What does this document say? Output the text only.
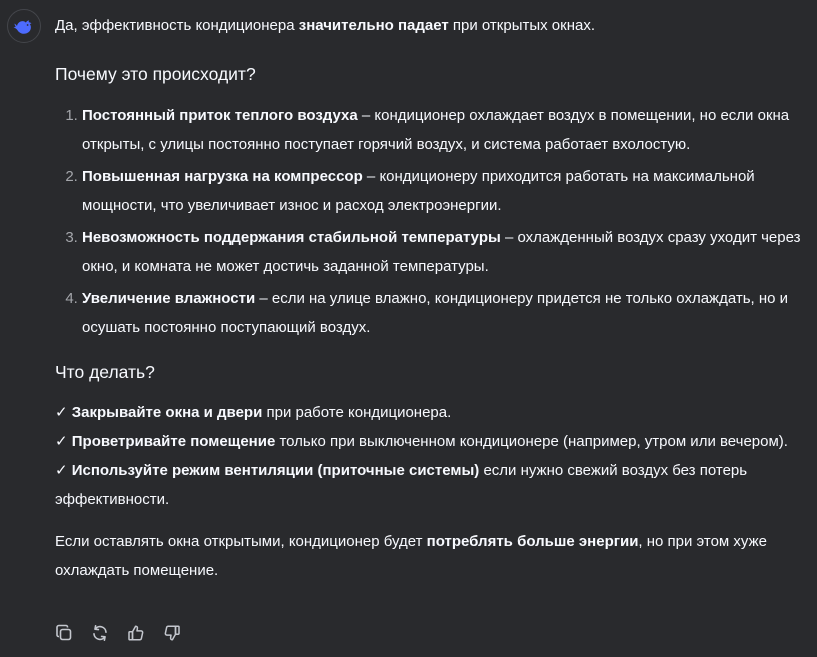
Да, эффективность кондиционера значительно падает при открытых окнах.

Почему это происходит?
1. Постоянный приток теплого воздуха – кондиционер охлаждает воздух в помещении, но если окна открыты, с улицы постоянно поступает горячий воздух, и система работает вхолостую.
2. Повышенная нагрузка на компрессор – кондиционеру приходится работать на максимальной мощности, что увеличивает износ и расход электроэнергии.
3. Невозможность поддержания стабильной температуры – охлажденный воздух сразу уходит через окно, и комната не может достичь заданной температуры.
4. Увеличение влажности – если на улице влажно, кондиционеру придется не только охлаждать, но и осушать постоянно поступающий воздух.
Что делать?
✓ Закрывайте окна и двери при работе кондиционера.
✓ Проветривайте помещение только при выключенном кондиционере (например, утром или вечером).
✓ Используйте режим вентиляции (приточные системы) если нужно свежий воздух без потерь эффективности.

Если оставлять окна открытыми, кондиционер будет потреблять больше энергии, но при этом хуже охлаждать помещение.
